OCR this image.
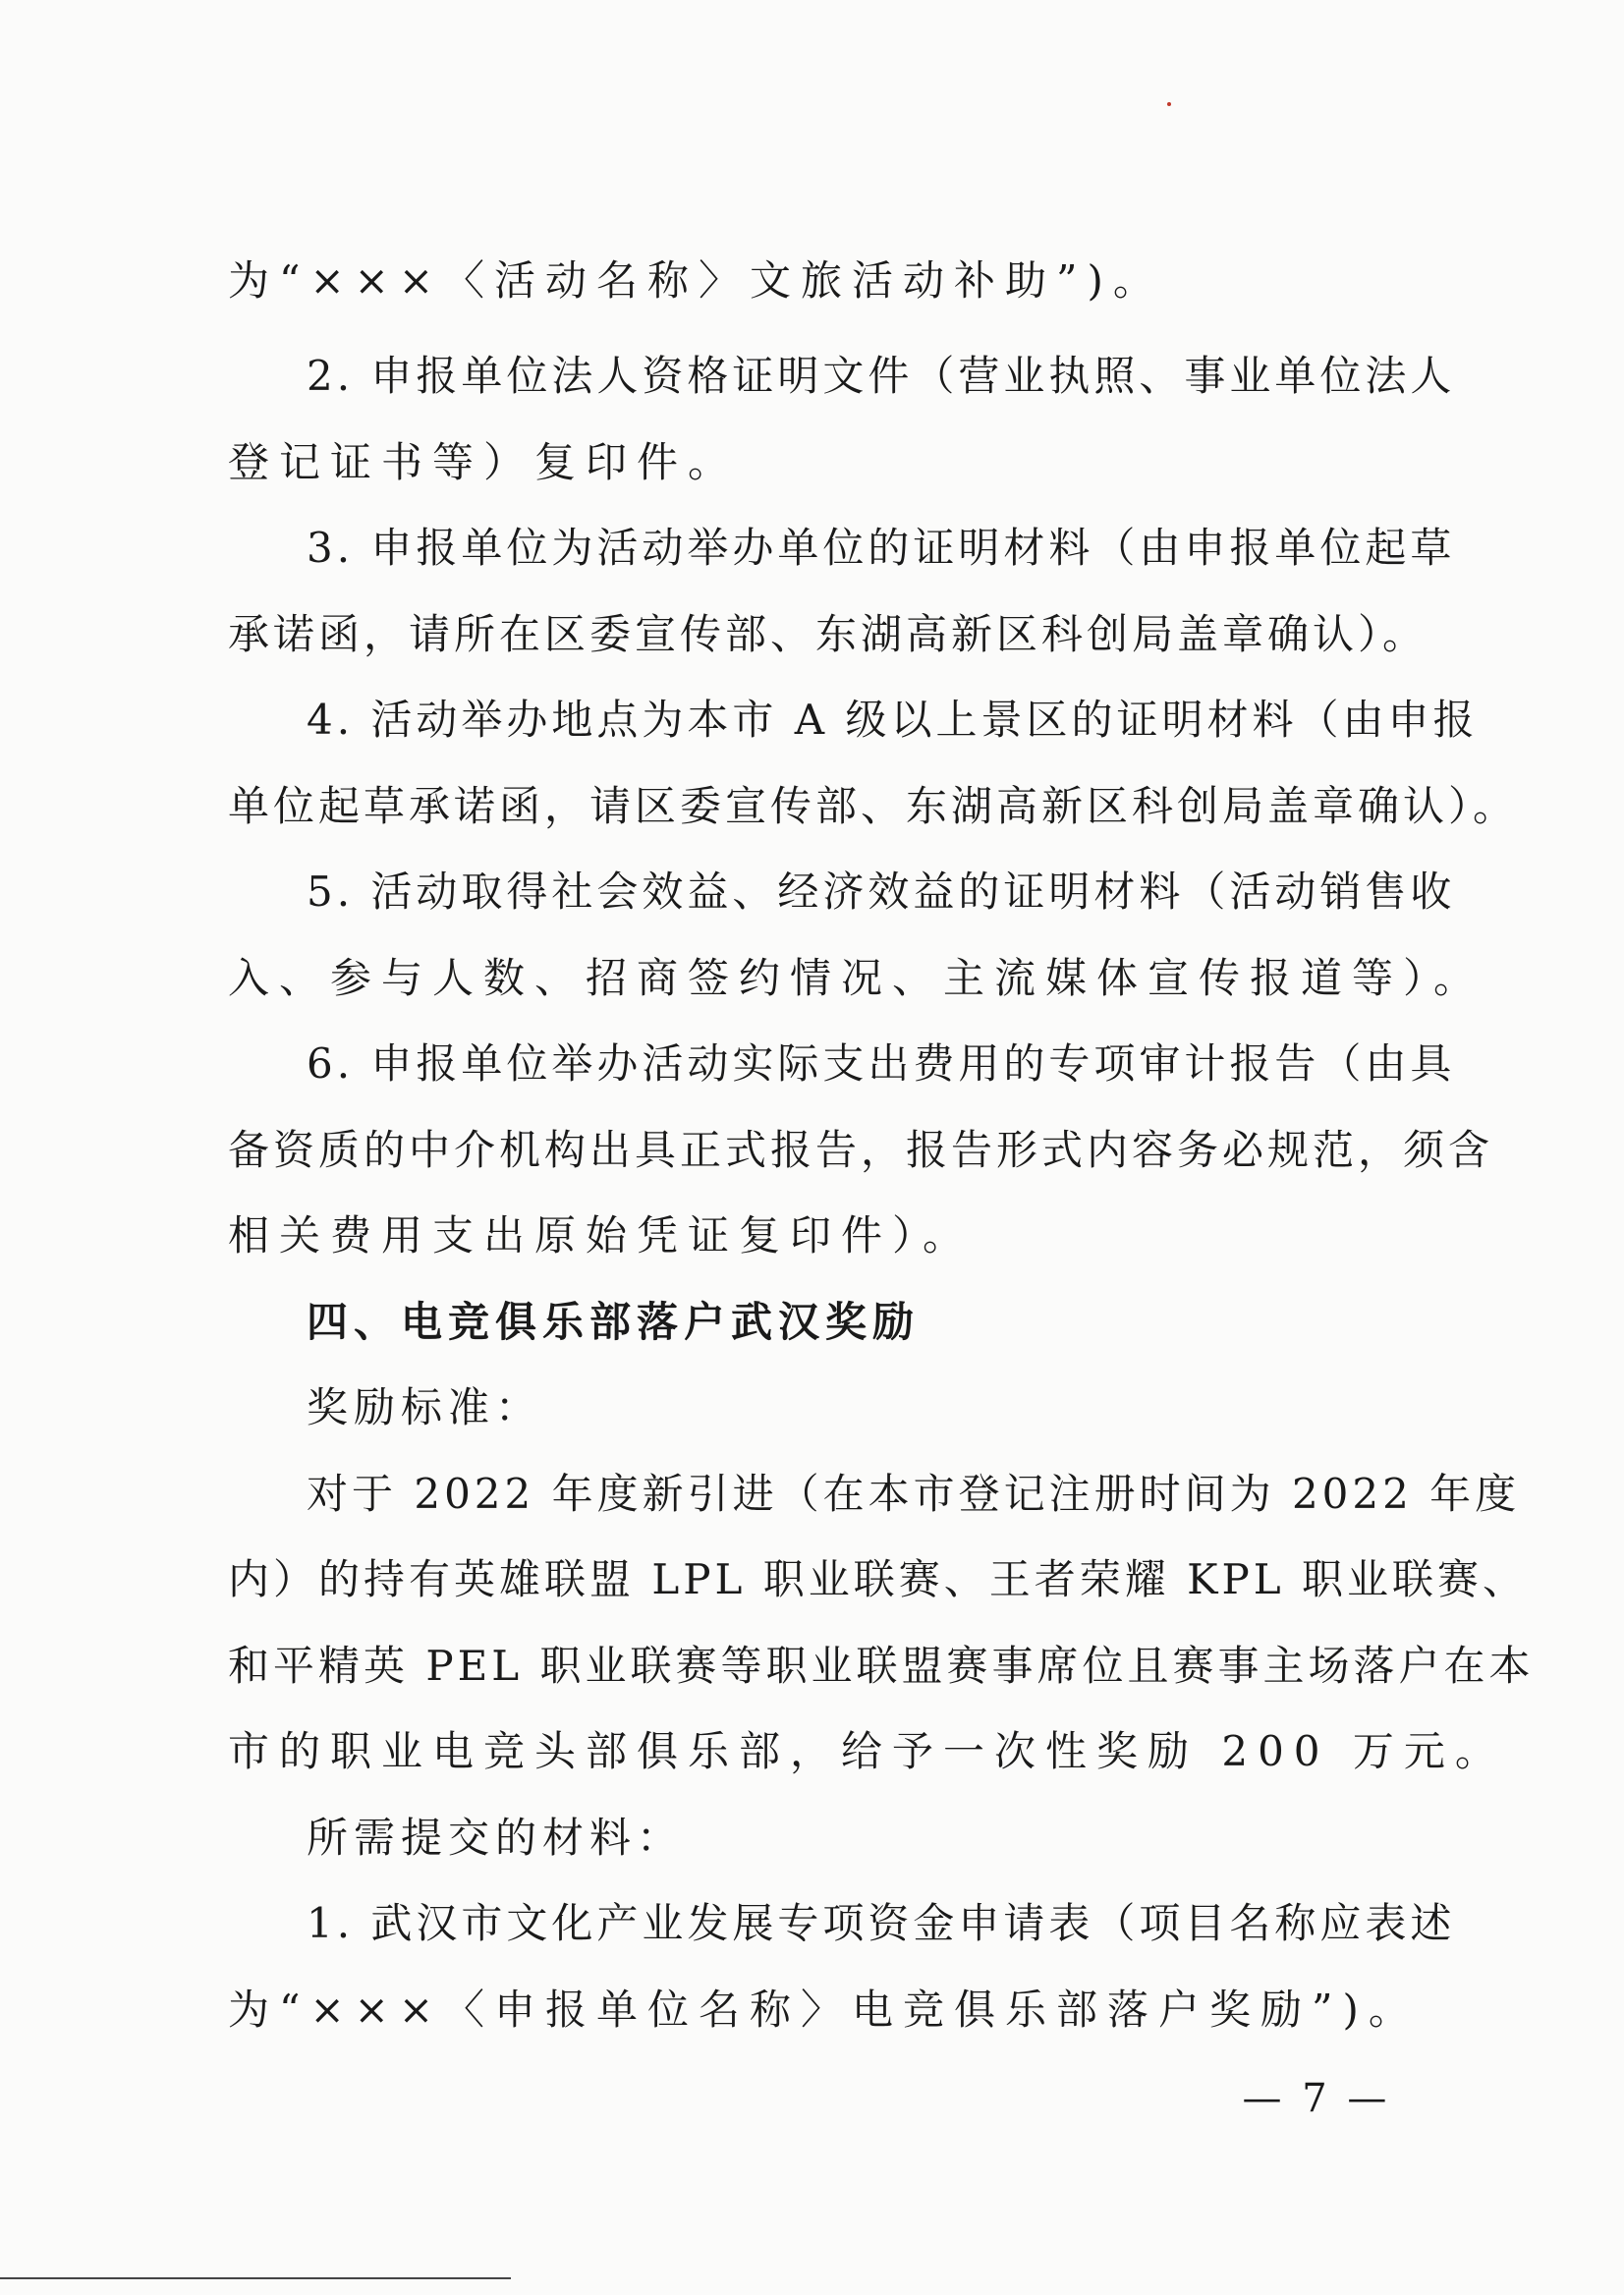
为“×××〈活动名称〉文旅活动补助”)。
2. 申报单位法人资格证明文件（营业执照、事业单位法人
登记证书等）复印件。
3. 申报单位为活动举办单位的证明材料（由申报单位起草
承诺函，请所在区委宣传部、东湖高新区科创局盖章确认）。
4. 活动举办地点为本市 A 级以上景区的证明材料（由申报
单位起草承诺函，请区委宣传部、东湖高新区科创局盖章确认）。
5. 活动取得社会效益、经济效益的证明材料（活动销售收
入、参与人数、招商签约情况、主流媒体宣传报道等）。
6. 申报单位举办活动实际支出费用的专项审计报告（由具
备资质的中介机构出具正式报告，报告形式内容务必规范，须含
相关费用支出原始凭证复印件）。
四、电竞俱乐部落户武汉奖励
奖励标准：
对于 2022 年度新引进（在本市登记注册时间为 2022 年度
内）的持有英雄联盟 LPL 职业联赛、王者荣耀 KPL 职业联赛、
和平精英 PEL 职业联赛等职业联盟赛事席位且赛事主场落户在本
市的职业电竞头部俱乐部，给予一次性奖励 200 万元。
所需提交的材料：
1. 武汉市文化产业发展专项资金申请表（项目名称应表述
为“×××〈申报单位名称〉电竞俱乐部落户奖励”)。
— 7 —
